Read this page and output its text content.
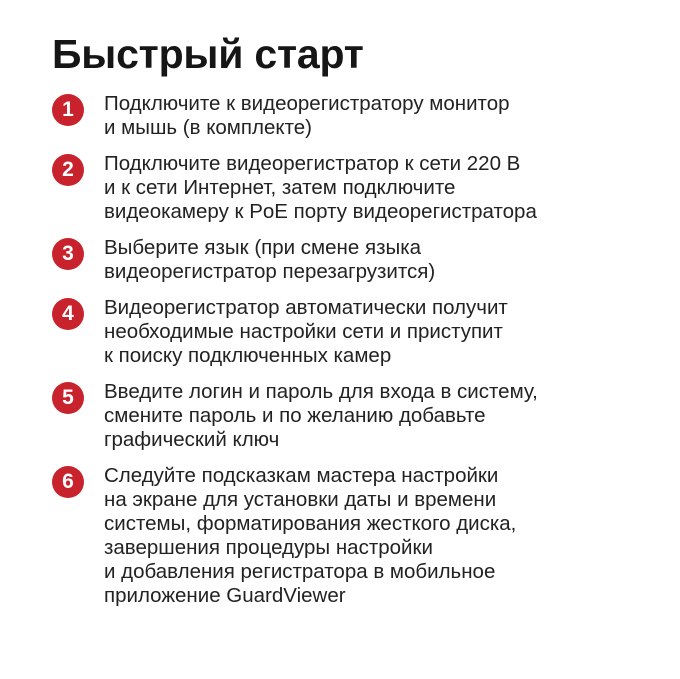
Быстрый старт
1	Подключите к видеорегистратору монитор
и мышь (в комплекте)
2	Подключите видеорегистратор к сети 220 В
и к сети Интернет, затем подключите
видеокамеру к PoE порту видеорегистратора
3	Выберите язык (при смене языка
видеорегистратор перезагрузится)
4	Видеорегистратор автоматически получит
необходимые настройки сети и приступит
к поиску подключенных камер
5	Введите логин и пароль для входа в систему,
смените пароль и по желанию добавьте
графический ключ
6	Следуйте подсказкам мастера настройки
на экране для установки даты и времени
системы, форматирования жесткого диска,
завершения процедуры настройки
и добавления регистратора в мобильное
приложение GuardViewer
